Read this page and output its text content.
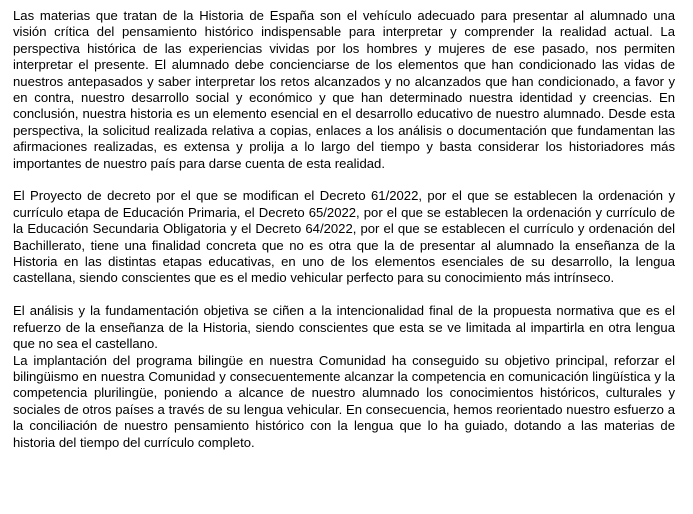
Las materias que tratan de la Historia de España son el vehículo adecuado para presentar al alumnado una visión crítica del pensamiento histórico indispensable para interpretar y comprender la realidad actual. La perspectiva histórica de las experiencias vividas por los hombres y mujeres de ese pasado, nos permiten interpretar el presente. El alumnado debe concienciarse de los elementos que han condicionado las vidas de nuestros antepasados y saber interpretar los retos alcanzados y no alcanzados que han condicionado, a favor y en contra, nuestro desarrollo social y económico y que han determinado nuestra identidad y creencias. En conclusión, nuestra historia es un elemento esencial en el desarrollo educativo de nuestro alumnado. Desde esta perspectiva, la solicitud realizada relativa a copias, enlaces a los análisis o documentación que fundamentan las afirmaciones realizadas, es extensa y prolija a lo largo del tiempo y basta considerar los historiadores más importantes de nuestro país para darse cuenta de esta realidad.

El Proyecto de decreto por el que se modifican el Decreto 61/2022, por el que se establecen la ordenación y currículo etapa de Educación Primaria, el Decreto 65/2022, por el que se establecen la ordenación y currículo de la Educación Secundaria Obligatoria y el Decreto 64/2022, por el que se establecen el currículo y ordenación del Bachillerato, tiene una finalidad concreta que no es otra que la de presentar al alumnado la enseñanza de la Historia en las distintas etapas educativas, en uno de los elementos esenciales de su desarrollo, la lengua castellana, siendo conscientes que es el medio vehicular perfecto para su conocimiento más intrínseco.

El análisis y la fundamentación objetiva se ciñen a la intencionalidad final de la propuesta normativa que es el refuerzo de la enseñanza de la Historia, siendo conscientes que esta se ve limitada al impartirla en otra lengua que no sea el castellano.

La implantación del programa bilingüe en nuestra Comunidad ha conseguido su objetivo principal, reforzar el bilingüismo en nuestra Comunidad y consecuentemente alcanzar la competencia en comunicación lingüística y la competencia plurilingüe, poniendo a alcance de nuestro alumnado los conocimientos históricos, culturales y sociales de otros países a través de su lengua vehicular. En consecuencia, hemos reorientado nuestro esfuerzo a la conciliación de nuestro pensamiento histórico con la lengua que lo ha guiado, dotando a las materias de historia del tiempo del currículo completo.
